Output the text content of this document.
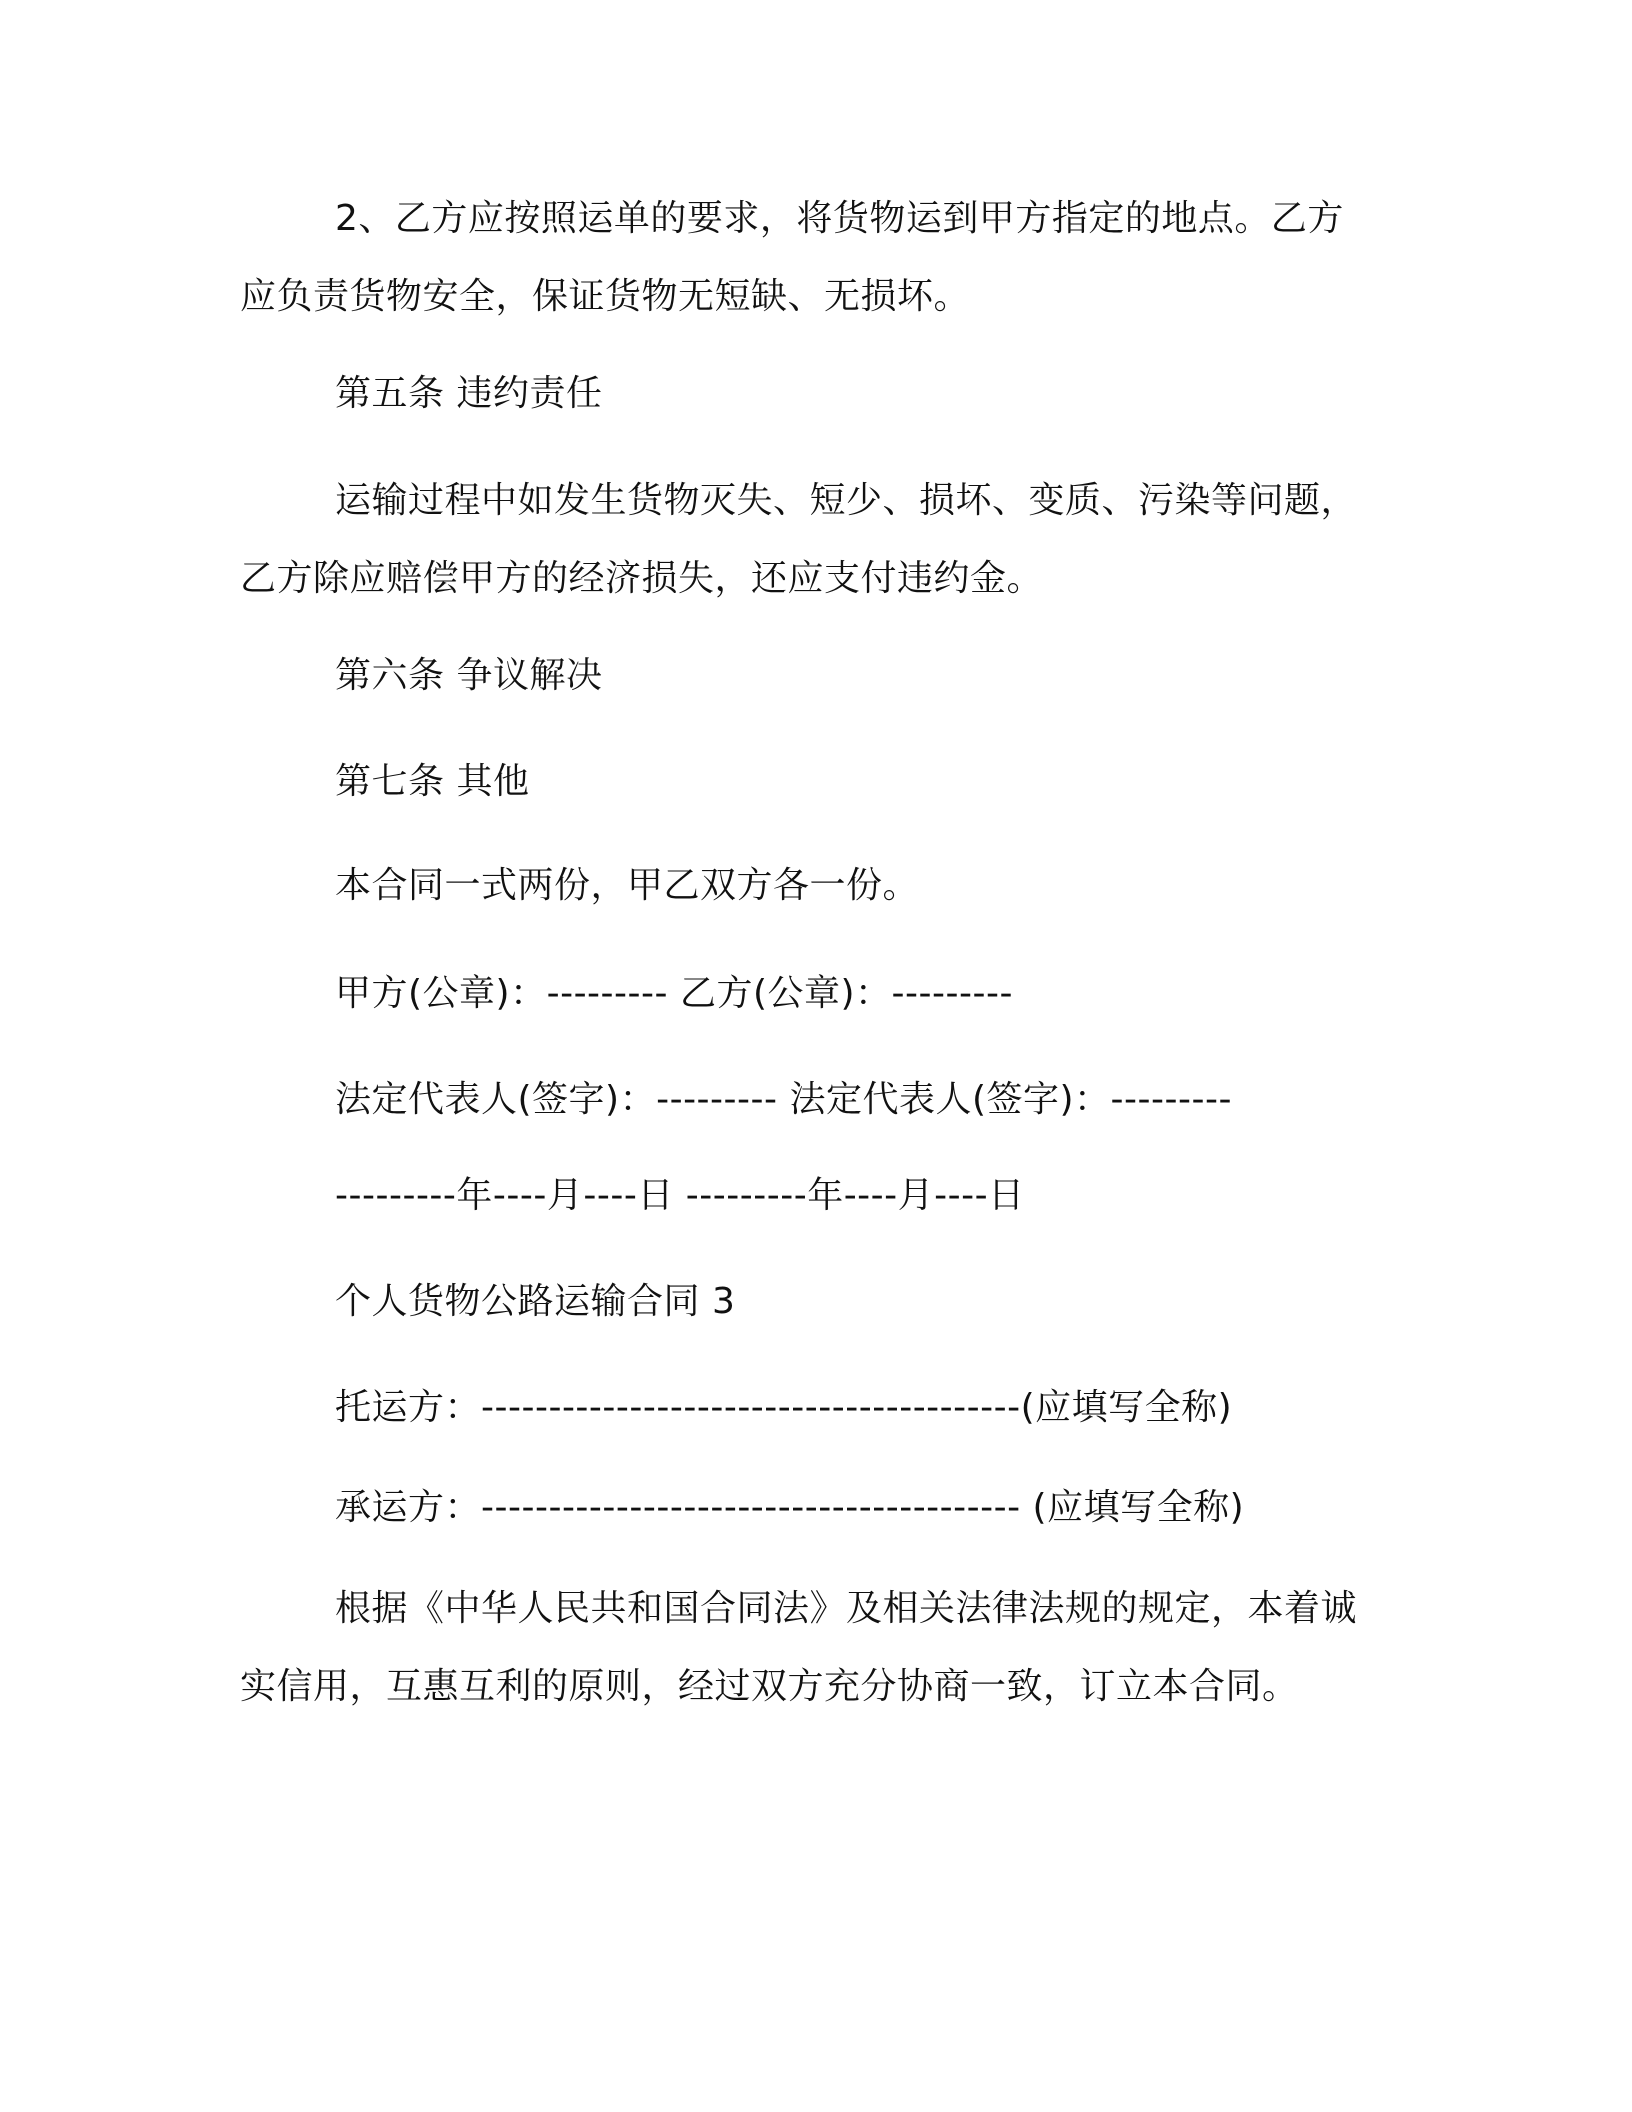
2、乙方应按照运单的要求，将货物运到甲方指定的地点。乙方
应负责货物安全，保证货物无短缺、无损坏。

第五条 违约责任

运输过程中如发生货物灭失、短少、损坏、变质、污染等问题，
乙方除应赔偿甲方的经济损失，还应支付违约金。

第六条 争议解决

第七条 其他

本合同一式两份，甲乙双方各一份。

甲方(公章)：--------- 乙方(公章)：---------

法定代表人(签字)：--------- 法定代表人(签字)：---------

---------年----月----日 ---------年----月----日

个人货物公路运输合同 3

托运方：----------------------------------------(应填写全称)

承运方：---------------------------------------- (应填写全称)

根据《中华人民共和国合同法》及相关法律法规的规定，本着诚
实信用，互惠互利的原则，经过双方充分协商一致，订立本合同。
